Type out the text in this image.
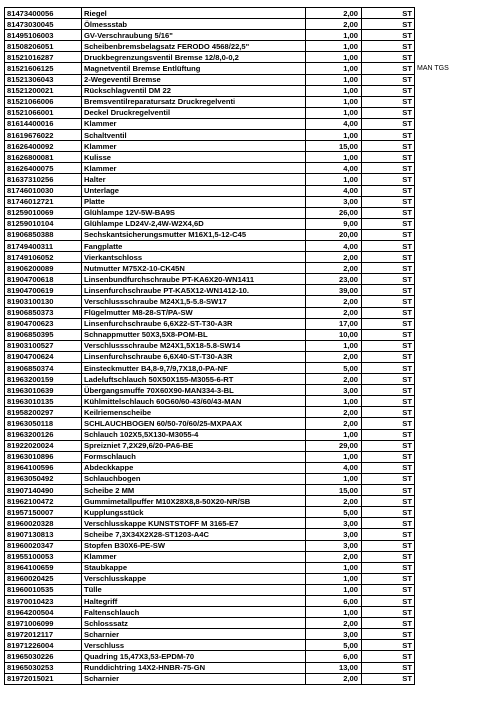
81473400056	Riegel	2,00	ST	
81473030045	Ölmessstab	2,00	ST	
81495106003	GV-Verschraubung 5/16"	1,00	ST	
81508206051	Scheibenbremsbelagsatz FERODO 4568/22,5"	1,00	ST	
81521016287	Druckbegrenzungsventil Bremse 12/8,0-0,2	1,00	ST	
81521606125	Magnetventil Bremse Entlüftung	1,00	ST	MAN TGS
81521306043	2-Wegeventil Bremse	1,00	ST	
81521200021	Rückschlagventil DM 22	1,00	ST	
81521066006	Bremsventilreparatursatz Druckregelventi	1,00	ST	
81521066001	Deckel Druckregelventil	1,00	ST	
81614400016	Klammer	4,00	ST	
81619676022	Schaltventil	1,00	ST	
81626400092	Klammer	15,00	ST	
81626800081	Kulisse	1,00	ST	
81626400075	Klammer	4,00	ST	
81637310256	Halter	1,00	ST	
81746010030	Unterlage	4,00	ST	
81746012721	Platte	3,00	ST	
81259010069	Glühlampe 12V-5W-BA9S	26,00	ST	
81259010104	Glühlampe LD24V-2,4W-W2X4,6D	9,00	ST	
81906850388	Sechskantsicherungsmutter M16X1,5-12-C45	20,00	ST	
81749400311	Fangplatte	4,00	ST	
81749106052	Vierkantschloss	2,00	ST	
81906200089	Nutmutter M75X2-10-CK45N	2,00	ST	
81904700618	Linsenbundfurchschraube PT-KA6X20-WN1411	23,00	ST	
81904700619	Linsenfurchschraube PT-KA5X12-WN1412-10.	39,00	ST	
81903100130	Verschlussschraube M24X1,5-5.8-SW17	2,00	ST	
81906850373	Flügelmutter M8-28-ST/PA-SW	2,00	ST	
81904700623	Linsenfurchschraube 6,6X22-ST-T30-A3R	17,00	ST	
81906850395	Schnappmutter 50X3,5X8-POM-BL	10,00	ST	
81903100527	Verschlussschraube M24X1,5X18-5.8-SW14	1,00	ST	
81904700624	Linsenfurchschraube 6,6X40-ST-T30-A3R	2,00	ST	
81906850374	Einsteckmutter B4,8-9,7/9,7X18,0-PA-NF	5,00	ST	
81963200159	Ladeluftschlauch 50X50X155-M3055-6-RT	2,00	ST	
81963010639	Übergangsmuffe 70X60X90-MAN334-3-BL	3,00	ST	
81963010135	Kühlmittelschlauch 60G60/60-43/60/43-MAN	1,00	ST	
81958200297	Keilriemenscheibe	2,00	ST	
81963050118	SCHLAUCHBOGEN 60/50-70/60/25-MXPAAX	2,00	ST	
81963200126	Schlauch 102X5,5X130-M3055-4	1,00	ST	
81922020024	Spreizniet 7,2X29,6/20-PA6-BE	29,00	ST	
81963010896	Formschlauch	1,00	ST	
81964100596	Abdeckkappe	4,00	ST	
81963050492	Schlauchbogen	1,00	ST	
81907140490	Scheibe 2 MM	15,00	ST	
81962100472	Gummimetallpuffer M10X28X8,8-50X20-NR/SB	2,00	ST	
81957150007	Kupplungsstück	5,00	ST	
81960020328	Verschlusskappe KUNSTSTOFF M 3165-E7	3,00	ST	
81907130813	Scheibe 7,3X34X2X28-ST1203-A4C	3,00	ST	
81960020347	Stopfen B30X6-PE-SW	3,00	ST	
81955100053	Klammer	2,00	ST	
81964100659	Staubkappe	1,00	ST	
81960020425	Verschlusskappe	1,00	ST	
81960010535	Tülle	1,00	ST	
81970010423	Haltegriff	6,00	ST	
81964200504	Faltenschlauch	1,00	ST	
81971006099	Schlosssatz	2,00	ST	
81972012117	Scharnier	3,00	ST	
81971226004	Verschluss	5,00	ST	
81965030226	Quadring 15,47X3,53-EPDM-70	6,00	ST	
81965030253	Runddichtring 14X2-HNBR-75-GN	13,00	ST	
81972015021	Scharnier	2,00	ST	
